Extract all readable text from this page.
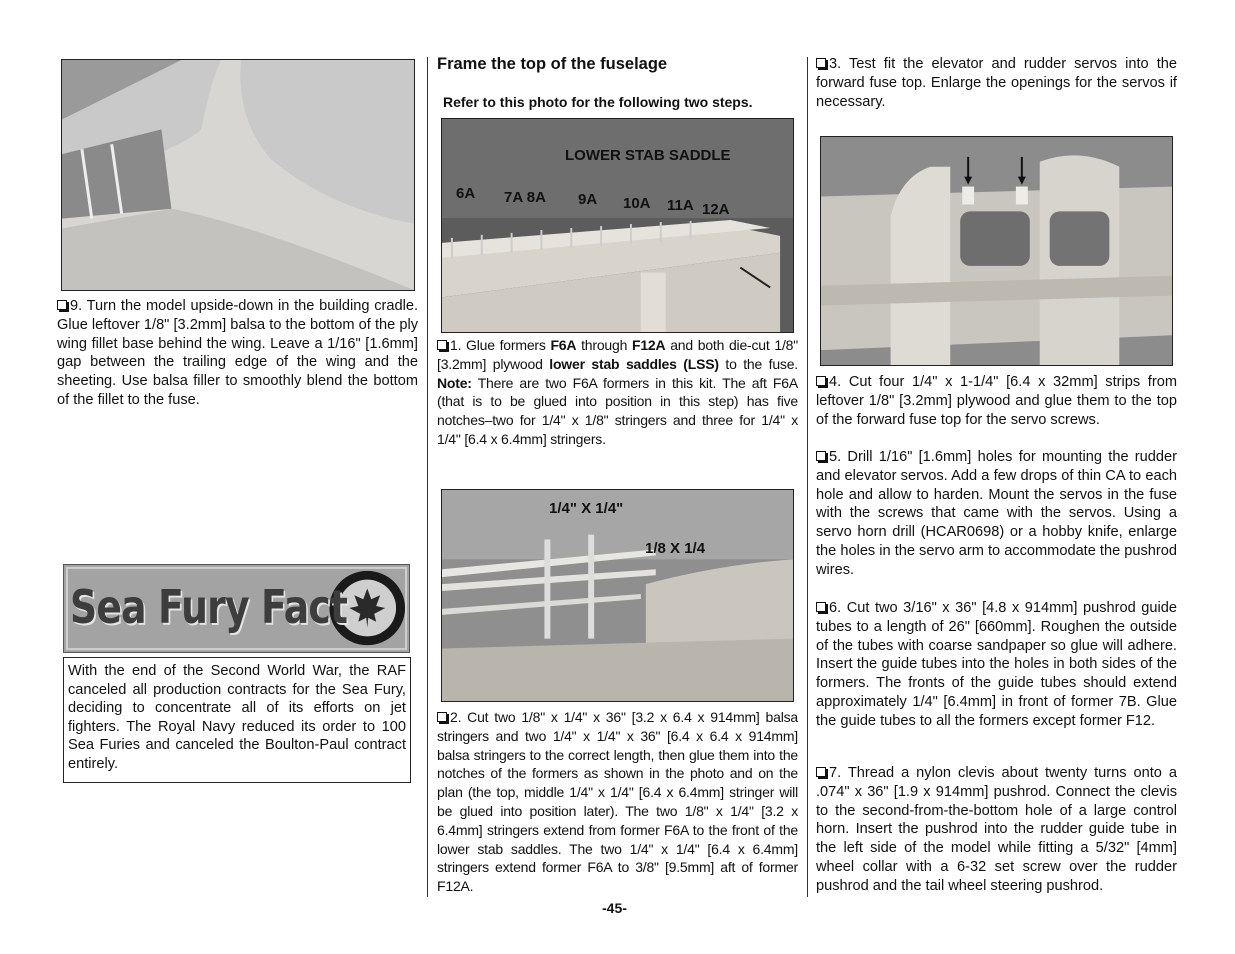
9. Turn the model upside-down in the building cradle. Glue leftover 1/8" [3.2mm] balsa to the bottom of the ply wing fillet base behind the wing. Leave a 1/16" [1.6mm] gap between the trailing edge of the wing and the sheeting. Use balsa filler to smoothly blend the bottom of the fillet to the fuse.

Sea Fury Fact

With the end of the Second World War, the RAF canceled all production contracts for the Sea Fury, deciding to concentrate all of its efforts on jet fighters. The Royal Navy reduced its order to 100 Sea Furies and canceled the Boulton-Paul contract entirely.

Frame the top of the fuselage
Refer to this photo for the following two steps.
LOWER STAB SADDLE
6A 7A 8A 9A 10A 11A 12A

1. Glue formers F6A through F12A and both die-cut 1/8" [3.2mm] plywood lower stab saddles (LSS) to the fuse. Note: There are two F6A formers in this kit. The aft F6A (that is to be glued into position in this step) has five notches–two for 1/4" x 1/8" stringers and three for 1/4" x 1/4" [6.4 x 6.4mm] stringers.

1/4" X 1/4"
1/8 X 1/4

2. Cut two 1/8" x 1/4" x 36" [3.2 x 6.4 x 914mm] balsa stringers and two 1/4" x 1/4" x 36" [6.4 x 6.4 x 914mm] balsa stringers to the correct length, then glue them into the notches of the formers as shown in the photo and on the plan (the top, middle 1/4" x 1/4" [6.4 x 6.4mm] stringer will be glued into position later). The two 1/8" x 1/4" [3.2 x 6.4mm] stringers extend from former F6A to the front of the lower stab saddles. The two 1/4" x 1/4" [6.4 x 6.4mm] stringers extend former F6A to 3/8" [9.5mm] aft of former F12A.

3. Test fit the elevator and rudder servos into the forward fuse top. Enlarge the openings for the servos if necessary.

4. Cut four 1/4" x 1-1/4" [6.4 x 32mm] strips from leftover 1/8" [3.2mm] plywood and glue them to the top of the forward fuse top for the servo screws.

5. Drill 1/16" [1.6mm] holes for mounting the rudder and elevator servos. Add a few drops of thin CA to each hole and allow to harden. Mount the servos in the fuse with the screws that came with the servos. Using a servo horn drill (HCAR0698) or a hobby knife, enlarge the holes in the servo arm to accommodate the pushrod wires.

6. Cut two 3/16" x 36" [4.8 x 914mm] pushrod guide tubes to a length of 26" [660mm]. Roughen the outside of the tubes with coarse sandpaper so glue will adhere. Insert the guide tubes into the holes in both sides of the formers. The fronts of the guide tubes should extend approximately 1/4" [6.4mm] in front of former 7B. Glue the guide tubes to all the formers except former F12.

7. Thread a nylon clevis about twenty turns onto a .074" x 36" [1.9 x 914mm] pushrod. Connect the clevis to the second-from-the-bottom hole of a large control horn. Insert the pushrod into the rudder guide tube in the left side of the model while fitting a 5/32" [4mm] wheel collar with a 6-32 set screw over the rudder pushrod and the tail wheel steering pushrod.

-45-
